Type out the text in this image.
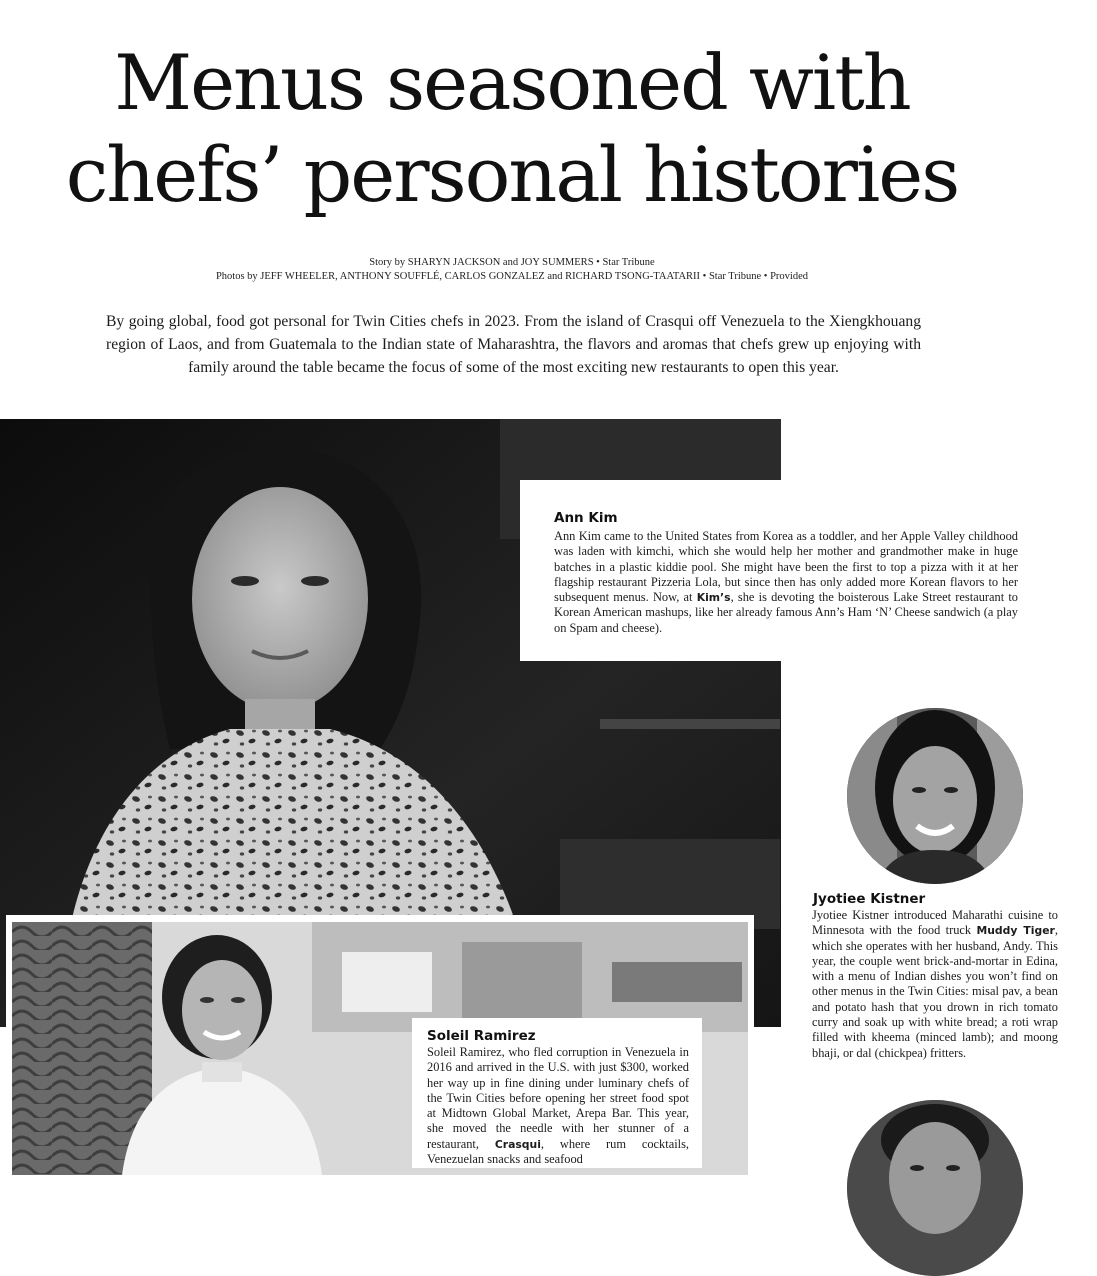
Menus seasoned with
chefs’ personal histories
Story by SHARYN JACKSON and JOY SUMMERS • Star Tribune
Photos by JEFF WHEELER, ANTHONY SOUFFLÉ, CARLOS GONZALEZ and RICHARD TSONG-TAATARII • Star Tribune • Provided

By going global, food got personal for Twin Cities chefs in 2023. From the island of Crasqui off Venezuela to the Xiengkhouang region of Laos, and from Guatemala to the Indian state of Maharashtra, the flavors and aromas that chefs grew up enjoying with family around the table became the focus of some of the most exciting new restaurants to open this year.

Ann Kim

Ann Kim came to the United States from Korea as a toddler, and her Apple Valley childhood was laden with kimchi, which she would help her mother and grandmother make in huge batches in a plastic kiddie pool. She might have been the first to top a pizza with it at her flagship restaurant Pizzeria Lola, but since then has only added more Korean flavors to her subsequent menus. Now, at Kim’s, she is devoting the boisterous Lake Street restaurant to Korean American mashups, like her already famous Ann’s Ham ‘N’ Cheese sandwich (a play on Spam and cheese).

Jyotiee Kistner

Jyotiee Kistner introduced Maharathi cuisine to Minnesota with the food truck Muddy Tiger, which she operates with her husband, Andy. This year, the couple went brick-and-mortar in Edina, with a menu of Indian dishes you won’t find on other menus in the Twin Cities: misal pav, a bean and potato hash that you drown in rich tomato curry and soak up with white bread; a roti wrap filled with kheema (minced lamb); and moong bhaji, or dal (chickpea) fritters.

Soleil Ramirez

Soleil Ramirez, who fled corruption in Venezuela in 2016 and arrived in the U.S. with just $300, worked her way up in fine dining under luminary chefs of the Twin Cities before opening her street food spot at Midtown Global Market, Arepa Bar. This year, she moved the needle with her stunner of a restaurant, Crasqui, where rum cocktails, Venezuelan snacks and seafood
